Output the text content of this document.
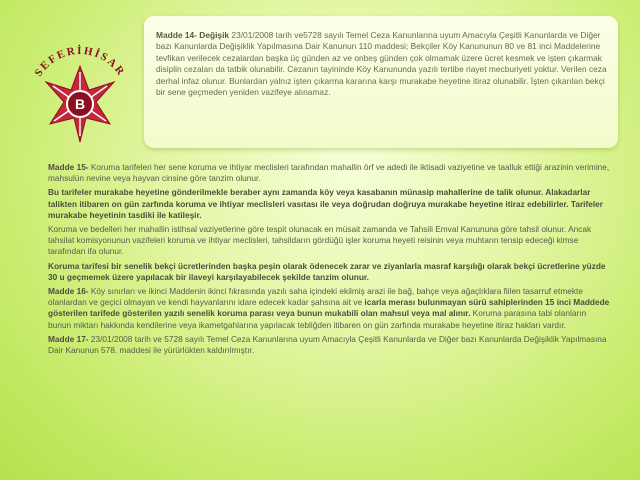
SEFERİHİSAR
B

Madde 14- Değişik 23/01/2008 tarih ve5728 sayılı Temel Ceza Kanunlarına uyum Amacıyla Çeşitli Kanunlarda ve Diğer bazı Kanunlarda Değişiklik Yapılmasına Dair Kanunun 110 maddesi; Bekçiler Köy Kanununun 80 ve 81 inci Maddelerine tevfikan verilecek cezalardan başka üç günden az ve onbeş günden çok olmamak üzere ücret kesmek ve işten çıkarmak disiplin cezaları da tatbik olunabilir. Cezanın tayininde Köy Kanununda yazılı tertibe riayet mecburiyeti yoktur. Verilen ceza derhal infaz olunur. Bunlardan yalnız işten çıkarma kararına karşı murakabe heyetine itiraz olunabilir. İşten çıkarılan bekçi bir sene geçmeden yeniden vazifeye alınamaz.

Madde 15- Koruma tarifeleri her sene koruma ve ihtiyar meclisleri tarafından mahallin örf ve adedi ile iktisadi vaziyetine ve taalluk ettiği arazinin verimine, mahsulün nevine veya hayvan cinsine göre tanzim olunur.

Bu tarifeler murakabe heyetine gönderilmekle beraber aynı zamanda köy veya kasabanın münasip mahallerine de talik olunur. Alakadarlar talikten itibaren on gün zarfında koruma ve ihtiyar meclisleri vasıtası ile veya doğrudan doğruya murakabe heyetine itiraz edebilirler. Tarifeler murakabe heyetinin tasdiki ile katileşir.

Koruma ve bedelleri her mahallin istihsal vaziyetlerine göre tespit olunacak en müsait zamanda ve Tahsili Emval Kanununa göre tahsil olunur. Ancak tahsilat komisyonunun vazifeleri koruma ve ihtiyar meclisleri, tahsildarın gördüğü işler koruma heyeti reisinin veya muhtarın tensip edeceği kimse tarafından ifa olunur.

Koruma tarifesi bir senelik bekçi ücretlerinden başka peşin olarak ödenecek zarar ve ziyanlarla masraf karşılığı olarak bekçi ücretlerine yüzde 30 u geçmemek üzere yapılacak bir ilaveyi karşılayabilecek şekilde tanzim olunur.

Madde 16- Köy sınırları ve ikinci Maddenin ikinci fıkrasında yazılı saha içindeki ekilmiş arazi ile bağ, bahçe veya ağaçlıklara fiilen tasarruf etmekte olanlardan ve geçici olmayan ve kendi hayvanlarını idare edecek kadar şahsına ait ve icarla merası bulunmayan sürü sahiplerinden 15 inci Maddede gösterilen tarifede gösterilen yazılı senelik koruma parası veya bunun mukabili olan mahsul veya mal alınır. Koruma parasına tabi olanların bunun miktarı hakkında kendilerine veya ikametgahlarına yapılacak tebliğden itibaren on gün zarfında murakabe heyetine itiraz hakları vardır.

Madde 17- 23/01/2008 tarih ve 5728 sayılı Temel Ceza Kanunlarına uyum Amacıyla Çeşitli Kanunlarda ve Diğer bazı Kanunlarda Değişiklik Yapılmasına Dair Kanunun 578. maddesi ile yürürlükten kaldırılmıştır.
